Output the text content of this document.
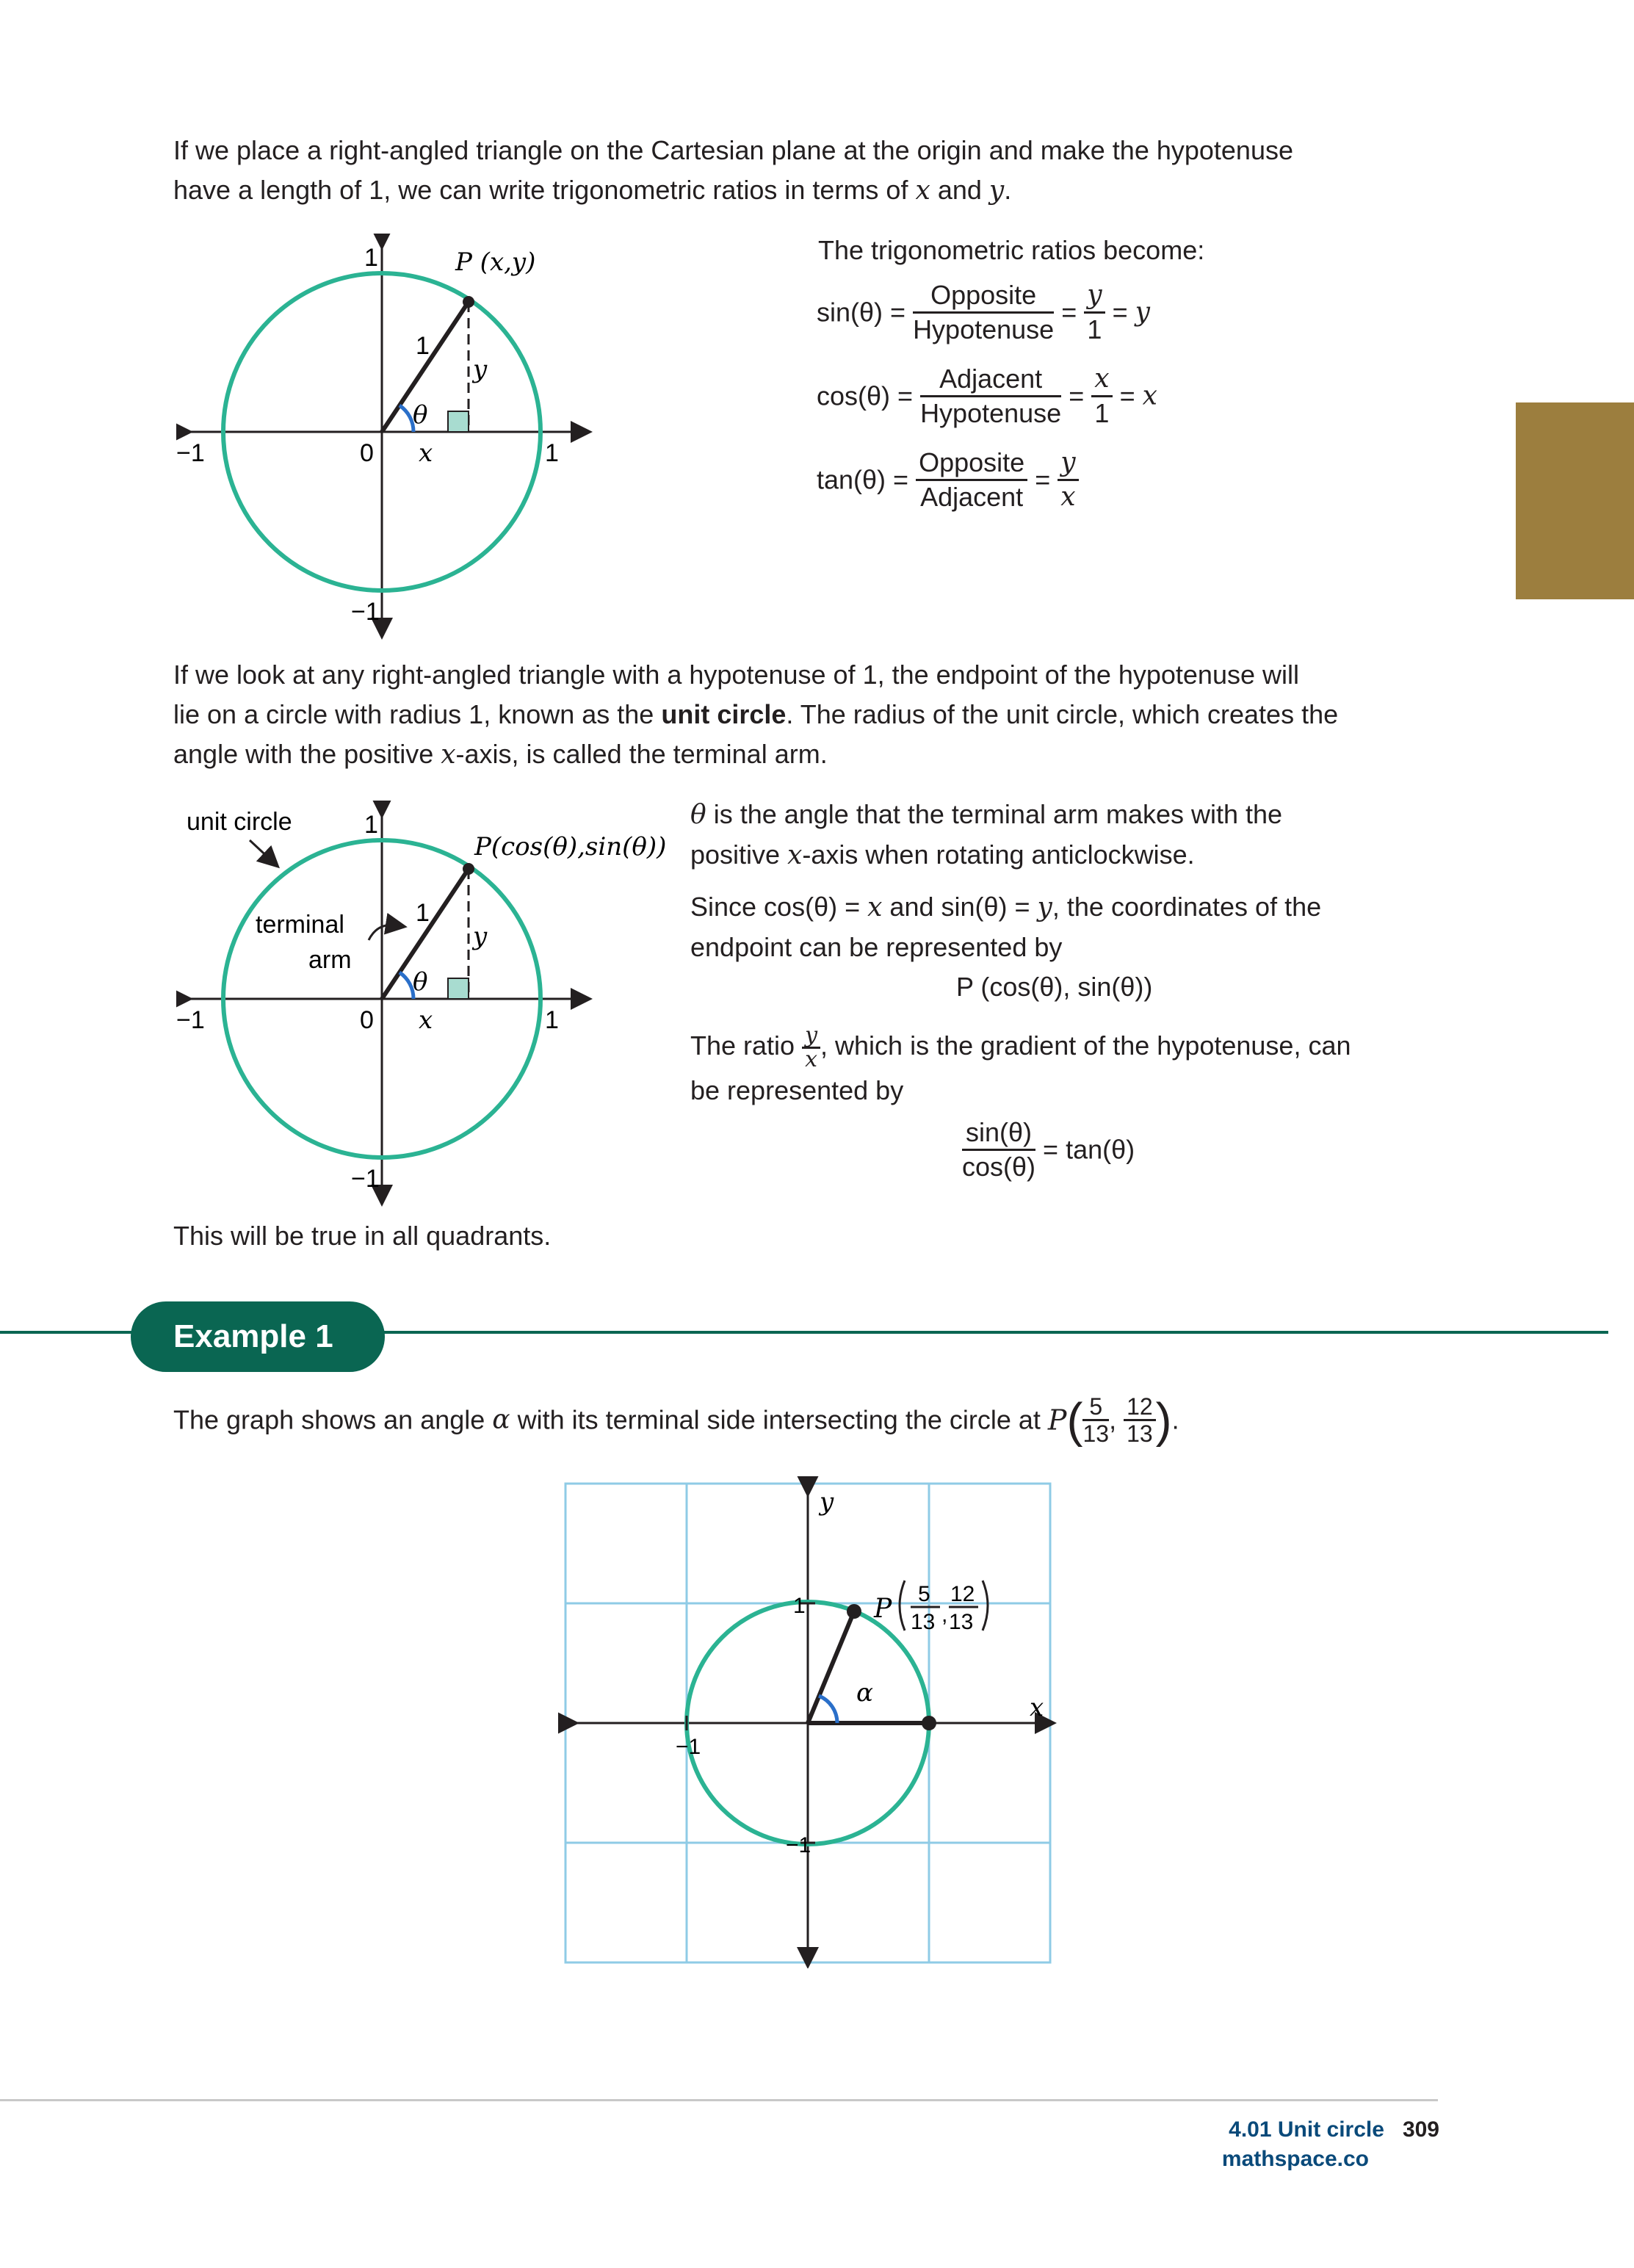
If we place a right-angled triangle on the Cartesian plane at the origin and make the hypotenuse
have a length of 1, we can write trigonometric ratios in terms of x and y.
1
−1
−1	1
0
1
x
y
θ
P (x,y)	The trigonometric ratios become:
$\sin(\theta) = \frac{\text{Opposite}}{\text{Hypotenuse}} = \frac{y}{1} = y$
$\cos(\theta) = \frac{\text{Adjacent}}{\text{Hypotenuse}} = \frac{x}{1} = x$
$\tan(\theta) = \frac{\text{Opposite}}{\text{Adjacent}} = \frac{y}{x}$
If we look at any right-angled triangle with a hypotenuse of 1, the endpoint of the hypotenuse will
lie on a circle with radius 1, known as the unit circle. The radius of the unit circle, which creates the
angle with the positive x-axis, is called the terminal arm.
unit circle
terminal
arm
1
−1
−1	1
0
1
x
y
θ
P(cos(θ),sin(θ))
θ is the angle that the terminal arm makes with the
positive x-axis when rotating anticlockwise.
Since cos(θ) = x and sin(θ) = y, the coordinates of the
endpoint can be represented by
P (cos(θ), sin(θ))
The ratio $\frac{y}{x}$ , which is the gradient of the hypotenuse, can
be represented by
$\frac{\sin(\theta)}{\cos(\theta)} = \tan(\theta)$
This will be true in all quadrants.
Example 1
The graph shows an angle α with its terminal side intersecting the circle at $P( \frac{5}{13}$ , $\frac{12}{13}$ ).
y
x
1
−1
−1
α
P 5
13 ,
12
13
4.01 Unit circle 309
mathspace.co
